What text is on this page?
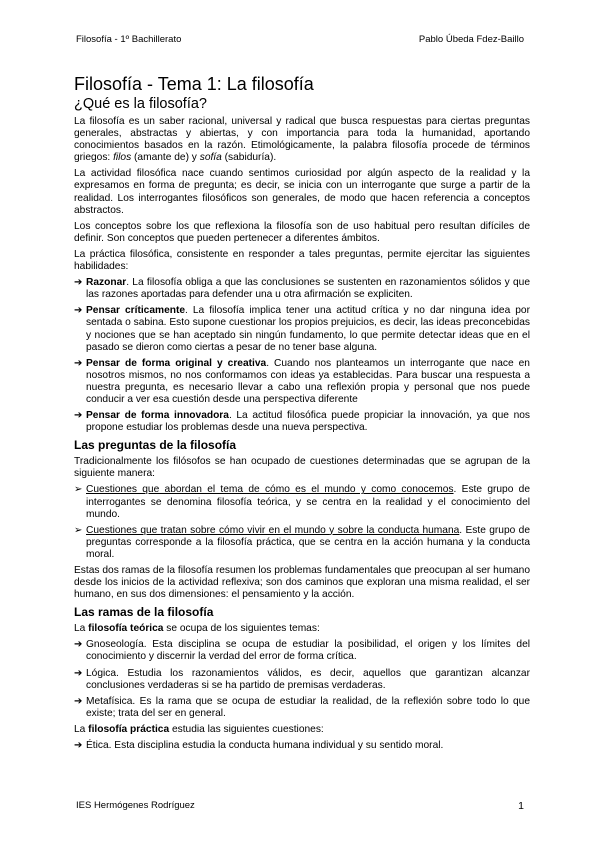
Filosofía - 1º Bachillerato	Pablo Úbeda Fdez-Baillo
Filosofía - Tema 1: La filosofía
¿Qué es la filosofía?

La filosofía es un saber racional, universal y radical que busca respuestas para ciertas preguntas generales, abstractas y abiertas, y con importancia para toda la humanidad, aportando conocimientos basados en la razón. Etimológicamente, la palabra filosofía procede de términos griegos: filos (amante de) y sofía (sabiduría).

La actividad filosófica nace cuando sentimos curiosidad por algún aspecto de la realidad y la expresamos en forma de pregunta; es decir, se inicia con un interrogante que surge a partir de la realidad. Los interrogantes filosóficos son generales, de modo que hacen referencia a conceptos abstractos.

Los conceptos sobre los que reflexiona la filosofía son de uso habitual pero resultan difíciles de definir. Son conceptos que pueden pertenecer a diferentes ámbitos.

La práctica filosófica, consistente en responder a tales preguntas, permite ejercitar las siguientes habilidades:

➔ Razonar. La filosofía obliga a que las conclusiones se sustenten en razonamientos sólidos y que las razones aportadas para defender una u otra afirmación se expliciten.
➔ Pensar críticamente. La filosofía implica tener una actitud crítica y no dar ninguna idea por sentada o sabina. Esto supone cuestionar los propios prejuicios, es decir, las ideas preconcebidas y nociones que se han aceptado sin ningún fundamento, lo que permite detectar ideas que en el pasado se dieron como ciertas a pesar de no tener base alguna.
➔ Pensar de forma original y creativa. Cuando nos planteamos un interrogante que nace en nosotros mismos, no nos conformamos con ideas ya establecidas. Para buscar una respuesta a nuestra pregunta, es necesario llevar a cabo una reflexión propia y personal que nos puede conducir a ver esa cuestión desde una perspectiva diferente
➔ Pensar de forma innovadora. La actitud filosófica puede propiciar la innovación, ya que nos propone estudiar los problemas desde una nueva perspectiva.
Las preguntas de la filosofía

Tradicionalmente los filósofos se han ocupado de cuestiones determinadas que se agrupan de la siguiente manera:

➢ Cuestiones que abordan el tema de cómo es el mundo y como conocemos. Este grupo de interrogantes se denomina filosofía teórica, y se centra en la realidad y el conocimiento del mundo.
➢ Cuestiones que tratan sobre cómo vivir en el mundo y sobre la conducta humana. Este grupo de preguntas corresponde a la filosofía práctica, que se centra en la acción humana y la conducta moral.

Estas dos ramas de la filosofía resumen los problemas fundamentales que preocupan al ser humano desde los inicios de la actividad reflexiva; son dos caminos que exploran una misma realidad, el ser humano, en sus dos dimensiones: el pensamiento y la acción.

Las ramas de la filosofía

La filosofía teórica se ocupa de los siguientes temas:

➔ Gnoseología. Esta disciplina se ocupa de estudiar la posibilidad, el origen y los límites del conocimiento y discernir la verdad del error de forma crítica.
➔ Lógica. Estudia los razonamientos válidos, es decir, aquellos que garantizan alcanzar conclusiones verdaderas si se ha partido de premisas verdaderas.
➔ Metafísica. Es la rama que se ocupa de estudiar la realidad, de la reflexión sobre todo lo que existe; trata del ser en general.

La filosofía práctica estudia las siguientes cuestiones:

➔ Ética. Esta disciplina estudia la conducta humana individual y su sentido moral.
IES Hermógenes Rodríguez	1
